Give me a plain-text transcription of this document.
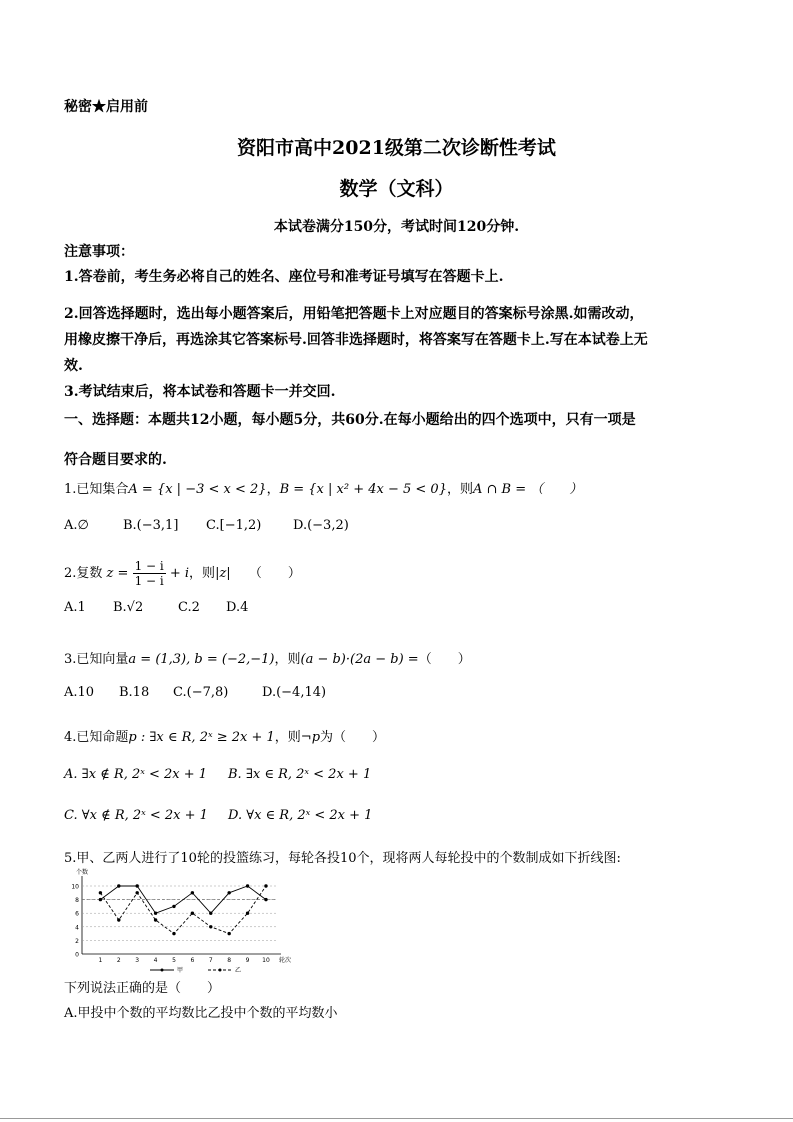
秘密★启用前
资阳市高中2021级第二次诊断性考试
数学（文科）
本试卷满分150分，考试时间120分钟.
注意事项：
1.答卷前，考生务必将自己的姓名、座位号和准考证号填写在答题卡上.
2.回答选择题时，选出每小题答案后，用铅笔把答题卡上对应题目的答案标号涂黑.如需改动，
用橡皮擦干净后，再选涂其它答案标号.回答非选择题时，将答案写在答题卡上.写在本试卷上无
效.
3.考试结束后，将本试卷和答题卡一并交回.
一、选择题：本题共12小题，每小题5分，共60分.在每小题给出的四个选项中，只有一项是
符合题目要求的.
1.已知集合A = {x | −3 < x < 2}，B = {x | x² + 4x − 5 < 0}，则A ∩ B = （　　）
A.∅	B.(−3,1] C.[−1,2) D.(−3,2)
2.复数 $z = \frac{1 - i}{1 - i} + i$，则|z| （　　）
A.1 B.√2	C.2 D.4
3.已知向量a = (1,3), b = (−2,−1)，则(a − b)·(2a − b) =（　　）
A.10 B.18 C.(−7,8)	D.(−4,14)
4.已知命题p : ∃x ∈ R, 2ˣ ≥ 2x + 1，则¬p为（　　）
A. ∃x ∉ R, 2ˣ < 2x + 1 B. ∃x ∈ R, 2ˣ < 2x + 1
C. ∀x ∉ R, 2ˣ < 2x + 1 D. ∀x ∈ R, 2ˣ < 2x + 1
5.甲、乙两人进行了10轮的投篮练习，每轮各投10个，现将两人每轮投中的个数制成如下折线图:
0
2
4
6
8
10
1 2 3 4 5 6 7 8 9 10
个数
轮次
甲	乙
下列说法正确的是（　　）
A.甲投中个数的平均数比乙投中个数的平均数小
